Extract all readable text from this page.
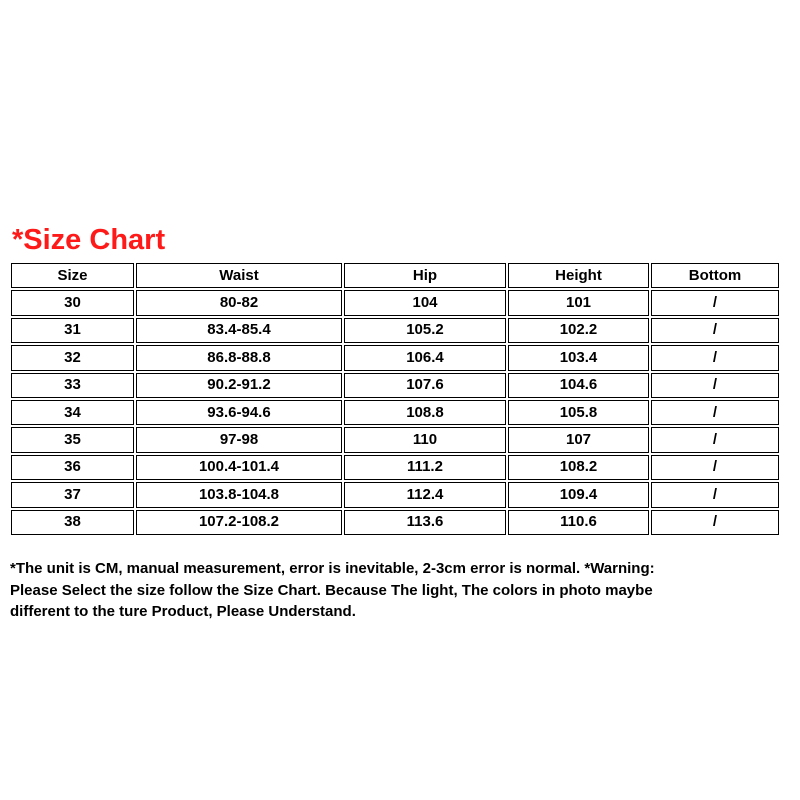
*Size Chart
Size	Waist	Hip	Height	Bottom
30	80-82	104	101	/
31	83.4-85.4	105.2	102.2	/
32	86.8-88.8	106.4	103.4	/
33	90.2-91.2	107.6	104.6	/
34	93.6-94.6	108.8	105.8	/
35	97-98	110	107	/
36	100.4-101.4	111.2	108.2	/
37	103.8-104.8	112.4	109.4	/
38	107.2-108.2	113.6	110.6	/
*The unit is CM, manual measurement, error is inevitable, 2-3cm error is normal. *Warning:
Please Select the size follow the Size Chart. Because The light, The colors in photo maybe
different to the ture Product, Please Understand.
